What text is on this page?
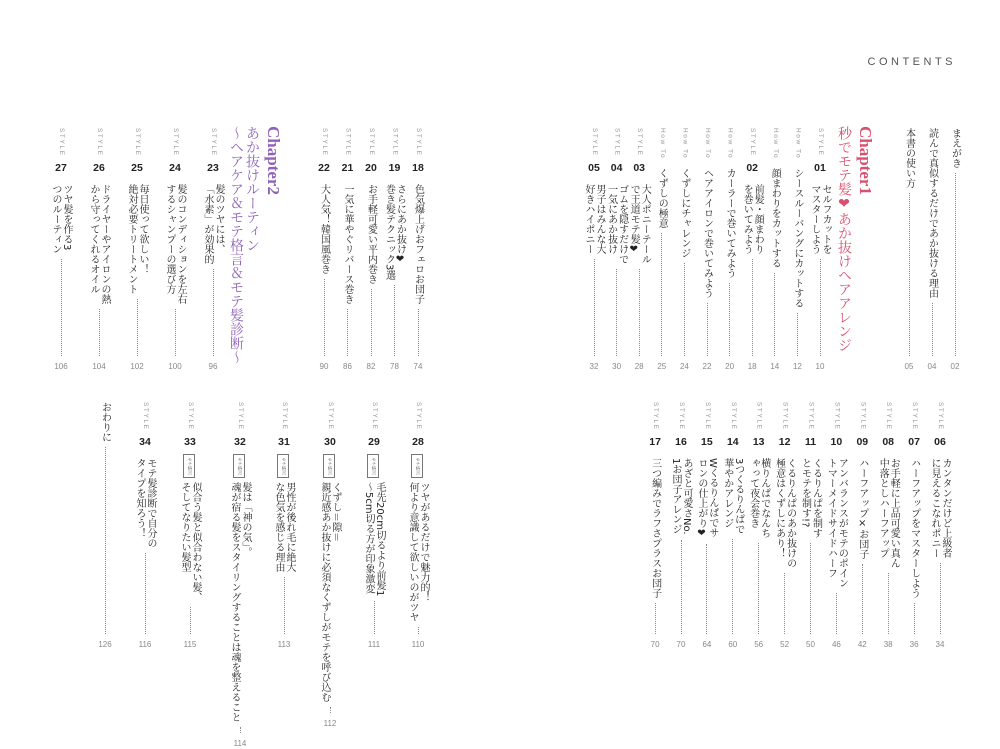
CONTENTS
まえがき
02
読んで真似するだけであか抜ける理由
04
本書の使い方
05
Chapter1
秒でモテ髪❤あか抜けヘアアレンジ
STYLE
01
セルフカットを
マスターしよう
10
How To
シースルーバングにカットする
12
How To
顔まわりをカットする
14
STYLE
02
前髪・顔まわり
を巻いてみよう
18
How To
カーラーで巻いてみよう
20
How To
ヘアアイロンで巻いてみよう
22
How To
くずしにチャレンジ
24
How To
くずしの極意
25
STYLE
03
大人ポニーテール
で王道モテ髪❤
28
STYLE
04
ゴムを隠すだけで
一気にあか抜け
30
STYLE
05
男子はみんな大
好きハイポニー
32
STYLE
06
カンタンだけど上級者
に見えるこなれポニー
34
STYLE
07
ハーフアップをマスターしよう
36
STYLE
08
お手軽に上品可愛い真ん
中落としハーフアップ
38
STYLE
09
ハーフアップ×お団子
42
STYLE
10
アンバランスがモテのポイン
トマーメイドサイドハーフ
46
STYLE
11
くるりんぱを制す
とモテを制す!?
50
STYLE
12
くるりんぱのあか抜けの
極意はくずしにあり！
52
STYLE
13
横りんぱでなんち
ゃって夜会巻き
56
STYLE
14
3つくるりんぱで
華やかアレンジ
60
STYLE
15
Wくるりんぱでサ
ロンの仕上がり❤
64
STYLE
16
あざと可愛さNo.
1お団子アレンジ
70
STYLE
17
三つ編みでラフさプラスお団子
70
Chapter2
あか抜けルーティン
〜ヘアケア＆モテ格言＆モテ髪診断〜	STYLE
18
色気爆上げおフェロお団子
74
STYLE
19
さらにあか抜け❤
巻き髪テクニック3選
78
STYLE
20
お手軽可愛い平内巻き
82
STYLE
21
一気に華やぐリバース巻き
86
STYLE
22
大人気！韓国風巻き
90
STYLE
23
髪のツヤには、
「水素」が効果的
96
STYLE
24
髪のコンディションを左右
するシャンプーの選び方
100
STYLE
25
毎日使って欲しい！
絶対必要トリートメント
102
STYLE
26
ドライヤーやアイロンの熱
から守ってくれるオイル
104
STYLE
27
ツヤ髪を作る3
つのルーティン
106
STYLE
28
モテ格言
ツヤがあるだけで魅力的！
何より意識して欲しいのがツヤ
110
STYLE
29
モテ格言
毛先20cm切るより前髪1
～5cm切る方が印象激変
111
STYLE
30
モテ格言
くずし＝隙＝
親近感あか抜けに必須なくずしがモテを呼び込む
112
STYLE
31
モテ格言
男性が後れ毛に絶大
な色気を感じる理由
113
STYLE
32
モテ格言
髪は「神の気」。
魂が宿る髪をスタイリングすることは魂を整えること
114
STYLE
33
モテ格言
似合う髪と似合わない髪、
そしてなりたい髪型
115
STYLE
34
モテ髪診断で自分の
タイプを知ろう！
116
おわりに
126
